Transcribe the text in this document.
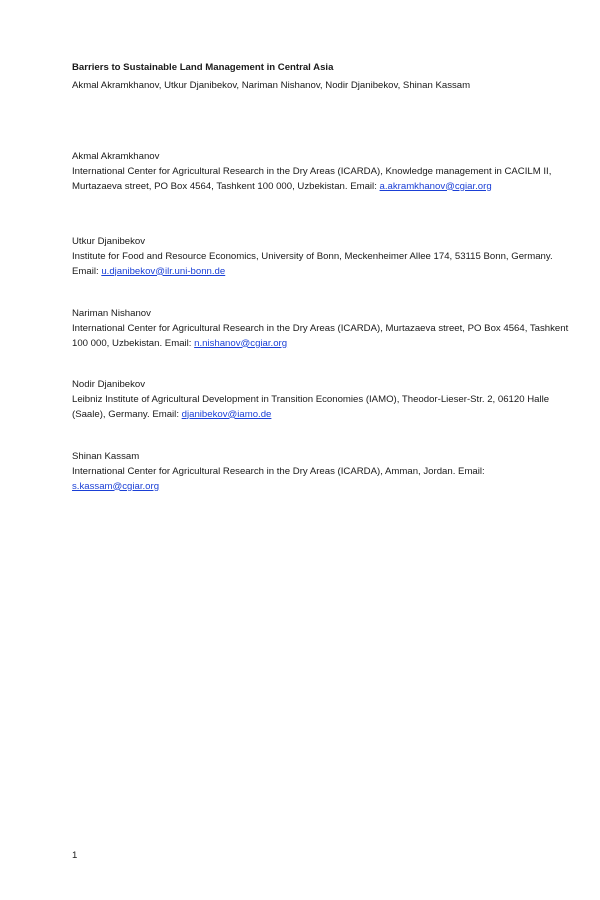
Barriers to Sustainable Land Management in Central Asia
Akmal Akramkhanov, Utkur Djanibekov, Nariman Nishanov, Nodir Djanibekov, Shinan Kassam
Akmal Akramkhanov
International Center for Agricultural Research in the Dry Areas (ICARDA), Knowledge management in CACILM II, Murtazaeva street, PO Box 4564, Tashkent 100 000, Uzbekistan. Email: a.akramkhanov@cgiar.org
Utkur Djanibekov
Institute for Food and Resource Economics, University of Bonn, Meckenheimer Allee 174, 53115 Bonn, Germany. Email: u.djanibekov@ilr.uni-bonn.de
Nariman Nishanov
International Center for Agricultural Research in the Dry Areas (ICARDA), Murtazaeva street, PO Box 4564, Tashkent 100 000, Uzbekistan. Email: n.nishanov@cgiar.org
Nodir Djanibekov
Leibniz Institute of Agricultural Development in Transition Economies (IAMO), Theodor-Lieser-Str. 2, 06120 Halle (Saale), Germany. Email: djanibekov@iamo.de
Shinan Kassam
International Center for Agricultural Research in the Dry Areas (ICARDA), Amman, Jordan. Email: s.kassam@cgiar.org
1
